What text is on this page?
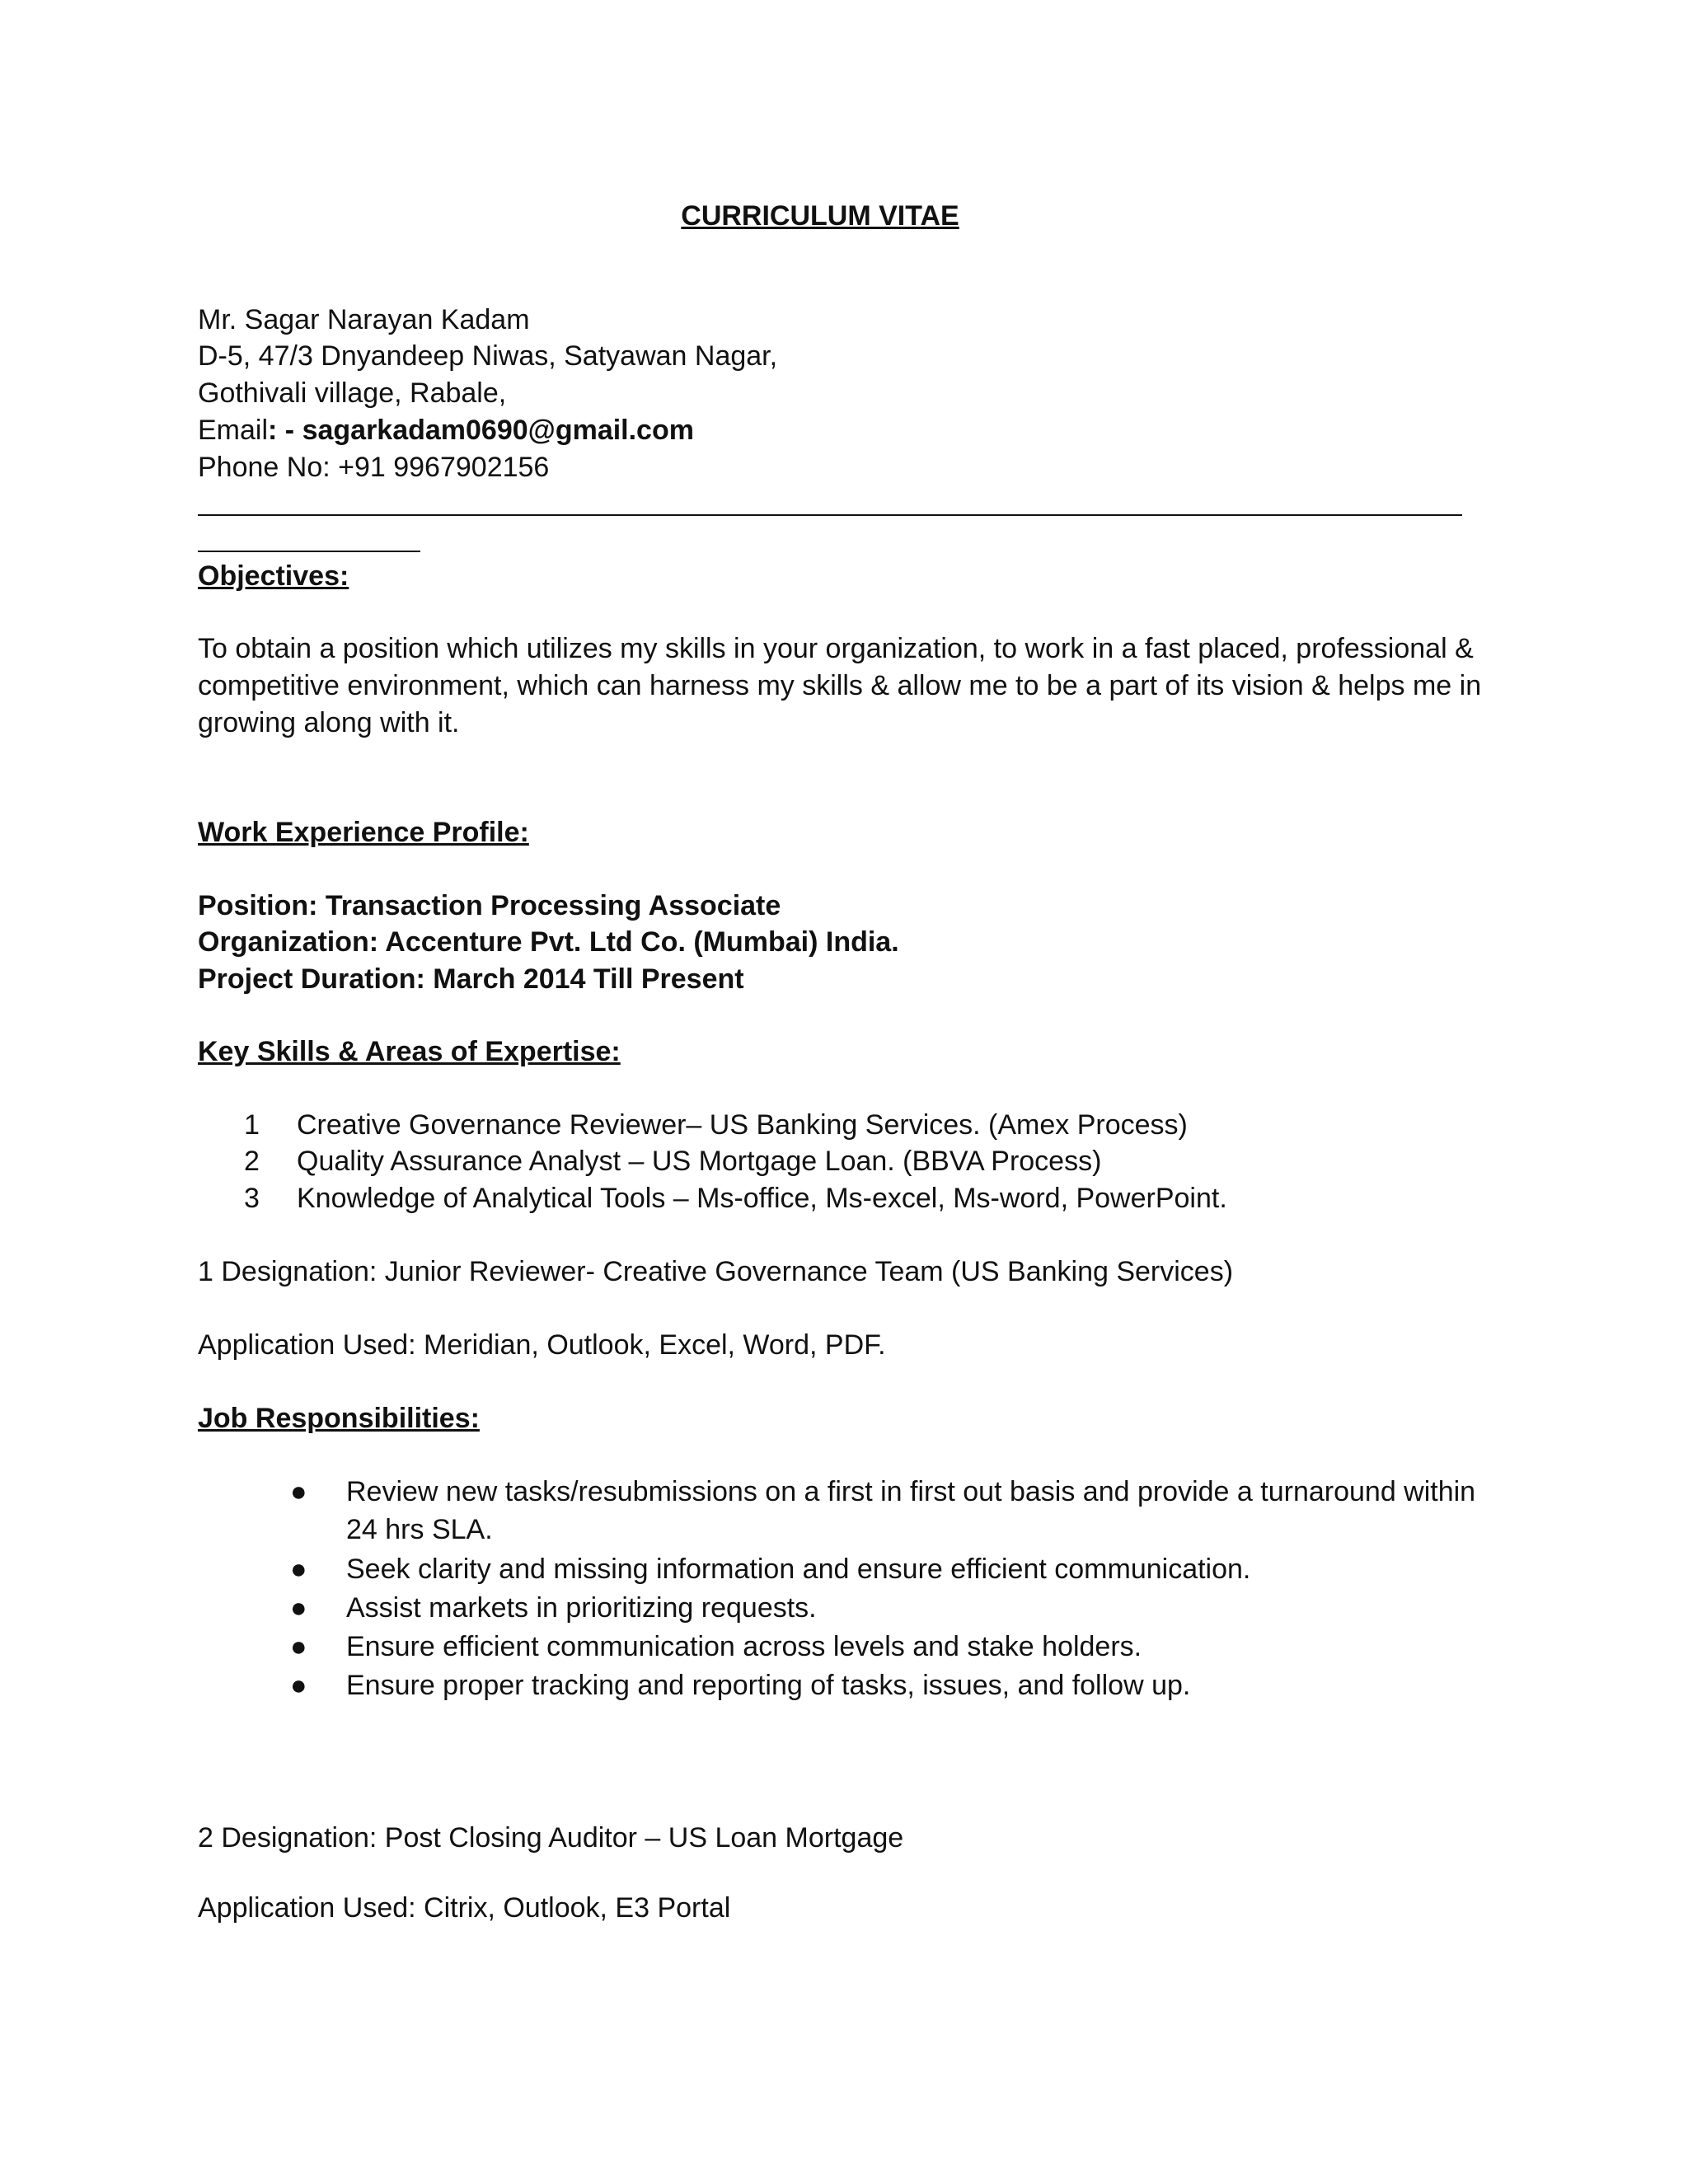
CURRICULUM VITAE
Mr. Sagar Narayan Kadam
D-5, 47/3 Dnyandeep Niwas, Satyawan Nagar,
Gothivali village, Rabale,
Email: - sagarkadam0690@gmail.com
Phone No: +91 9967902156
Objectives:
To obtain a position which utilizes my skills in your organization, to work in a fast placed, professional & competitive environment, which can harness my skills & allow me to be a part of its vision & helps me in growing along with it.
Work Experience Profile:
Position: Transaction Processing Associate
Organization: Accenture Pvt. Ltd Co. (Mumbai) India.
Project Duration: March 2014 Till Present
Key Skills & Areas of Expertise:
1 Creative Governance Reviewer– US Banking Services. (Amex Process)
2 Quality Assurance Analyst – US Mortgage Loan. (BBVA Process)
3 Knowledge of Analytical Tools – Ms-office, Ms-excel, Ms-word, PowerPoint.
1 Designation: Junior Reviewer- Creative Governance Team (US Banking Services)
Application Used: Meridian, Outlook, Excel, Word, PDF.
Job Responsibilities:
● Review new tasks/resubmissions on a first in first out basis and provide a turnaround within 24 hrs SLA.
● Seek clarity and missing information and ensure efficient communication.
● Assist markets in prioritizing requests.
● Ensure efficient communication across levels and stake holders.
● Ensure proper tracking and reporting of tasks, issues, and follow up.
2 Designation: Post Closing Auditor – US Loan Mortgage
Application Used: Citrix, Outlook, E3 Portal
